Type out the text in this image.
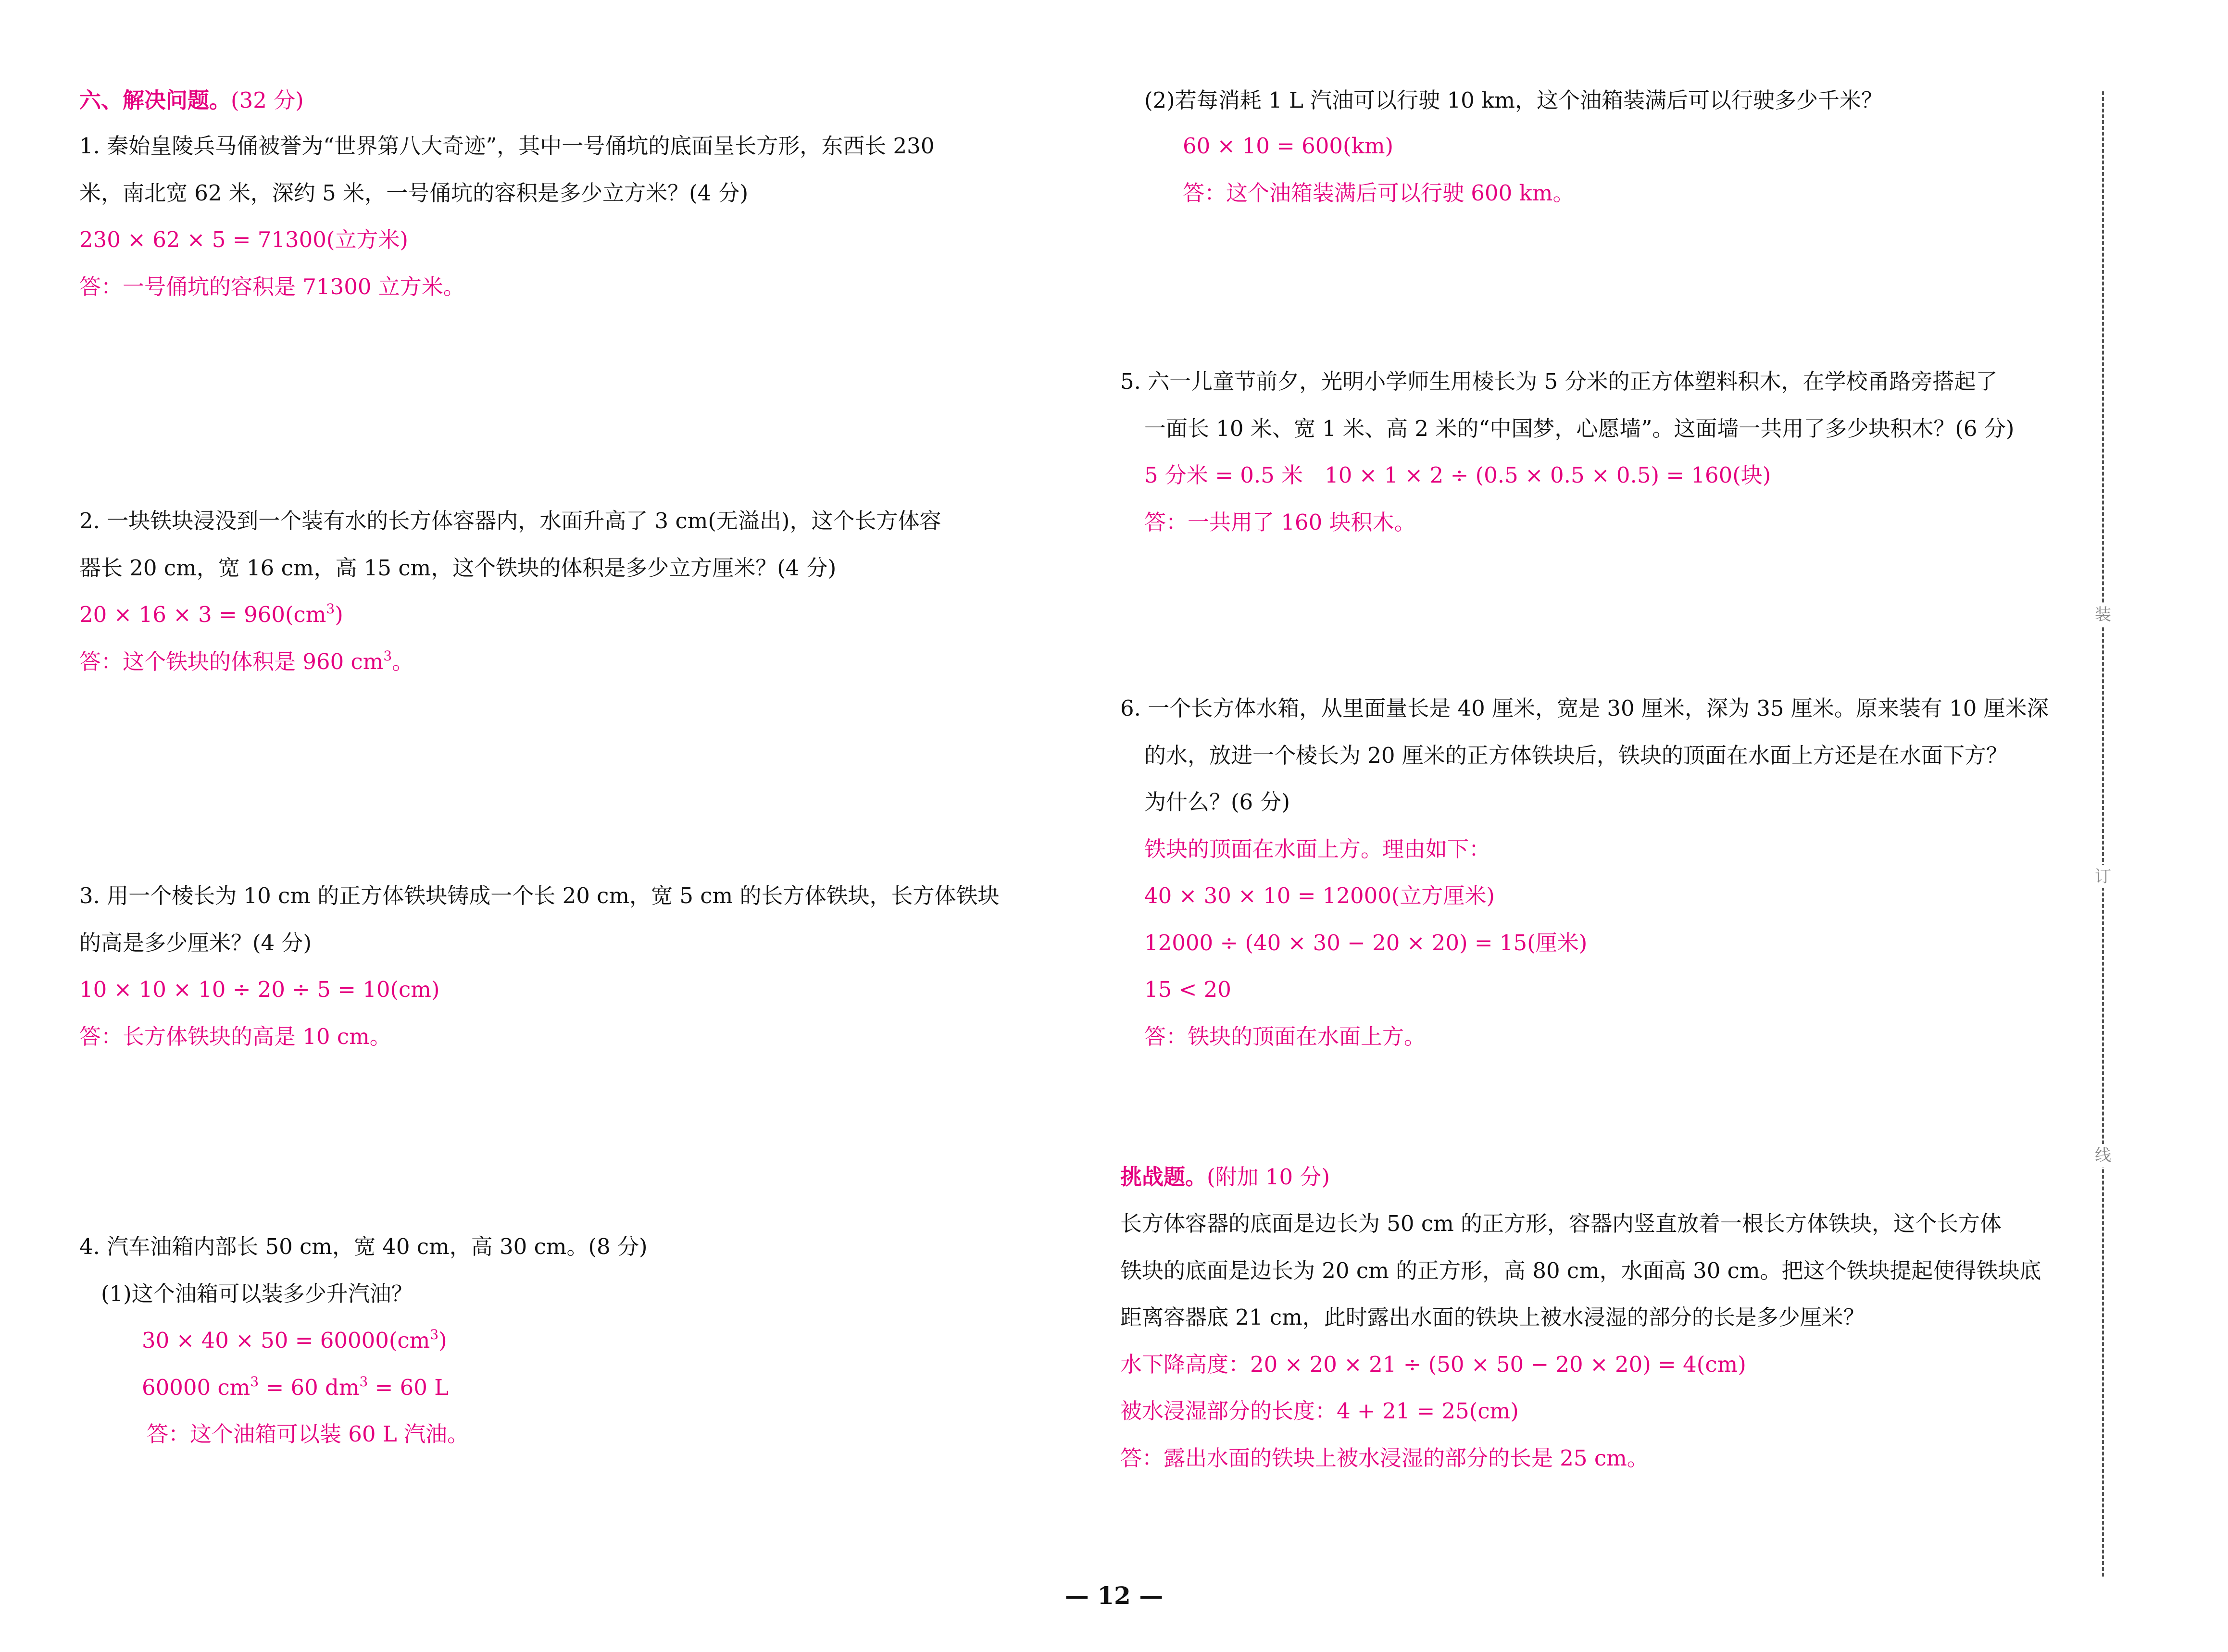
六、解决问题。(32 分)
1. 秦始皇陵兵马俑被誉为“世界第八大奇迹”，其中一号俑坑的底面呈长方形，东西长 230
米，南北宽 62 米，深约 5 米，一号俑坑的容积是多少立方米？(4 分)
230 × 62 × 5 = 71300(立方米)
答：一号俑坑的容积是 71300 立方米。
2. 一块铁块浸没到一个装有水的长方体容器内，水面升高了 3 cm(无溢出)，这个长方体容
器长 20 cm，宽 16 cm，高 15 cm，这个铁块的体积是多少立方厘米？(4 分)
$20 \times 16 \times 3 = 960(cm^3)$
答：这个铁块的体积是 960 $cm^3$。
3. 用一个棱长为 10 cm 的正方体铁块铸成一个长 20 cm，宽 5 cm 的长方体铁块，长方体铁块
的高是多少厘米？(4 分)
10 × 10 × 10 ÷ 20 ÷ 5 = 10(cm)
答：长方体铁块的高是 10 cm。
4. 汽车油箱内部长 50 cm，宽 40 cm，高 30 cm。(8 分)
(1)这个油箱可以装多少升汽油？
$30 \times 40 \times 50 = 60000(cm^3)$
60000 $cm^3 = 60$ $dm^3 = 60$ L
答：这个油箱可以装 60 L 汽油。
(2)若每消耗 1 L 汽油可以行驶 10 km，这个油箱装满后可以行驶多少千米？
60 × 10 = 600(km)
答：这个油箱装满后可以行驶 600 km。
5. 六一儿童节前夕，光明小学师生用棱长为 5 分米的正方体塑料积木，在学校甬路旁搭起了
一面长 10 米、宽 1 米、高 2 米的“中国梦，心愿墙”。这面墙一共用了多少块积木？(6 分)
5 分米 = 0.5 米　10 × 1 × 2 ÷ (0.5 × 0.5 × 0.5) = 160(块)
答：一共用了 160 块积木。
6. 一个长方体水箱，从里面量长是 40 厘米，宽是 30 厘米，深为 35 厘米。原来装有 10 厘米深
的水，放进一个棱长为 20 厘米的正方体铁块后，铁块的顶面在水面上方还是在水面下方？
为什么？(6 分)
铁块的顶面在水面上方。理由如下：
40 × 30 × 10 = 12000(立方厘米)
12000 ÷ (40 × 30 − 20 × 20) = 15(厘米)
15 < 20
答：铁块的顶面在水面上方。
挑战题。(附加 10 分)
长方体容器的底面是边长为 50 cm 的正方形，容器内竖直放着一根长方体铁块，这个长方体
铁块的底面是边长为 20 cm 的正方形，高 80 cm，水面高 30 cm。把这个铁块提起使得铁块底
距离容器底 21 cm，此时露出水面的铁块上被水浸湿的部分的长是多少厘米？
水下降高度：20 × 20 × 21 ÷ (50 × 50 − 20 × 20) = 4(cm)
被水浸湿部分的长度：4 + 21 = 25(cm)
答：露出水面的铁块上被水浸湿的部分的长是 25 cm。
装
订
线
— 12 —
